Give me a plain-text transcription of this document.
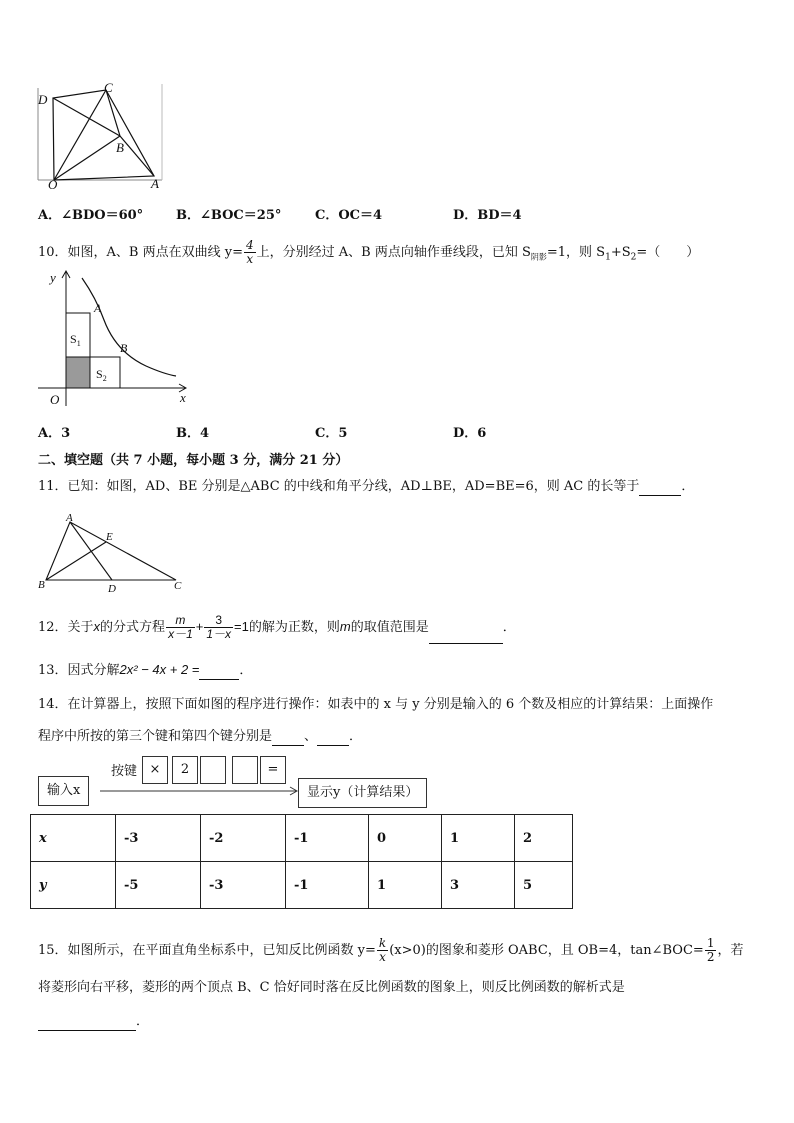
D
C
B
O	A
A．∠BDO＝60°	B．∠BOC＝25°	C．OC＝4	D．BD＝4
10．如图，A、B 两点在双曲线 $y= \frac{4}{x}$ 上，分别经过 A、B 两点向轴作垂线段，已知 $S_{阴影}=1$，则 $S_1+S_2=$（　　）
y
A
$S_1$	B
$S_2$
O	x
A．3	B．4	C．5	D．6
二、填空题（共 7 小题，每小题 3 分，满分 21 分）
11．已知：如图，AD、BE 分别是△ABC 的中线和角平分线，AD⊥BE，AD=BE=6，则 AC 的长等于	．
A
E
B	D	C
12．关于x的分式方程 $\frac{m}{x-1} + \frac{3}{1-x} =1$的解为正数，则m的取值范围是	．
13．因式分解2x² − 4x + 2 =	．
14．在计算器上，按照下面如图的程序进行操作：如表中的 x 与 y 分别是输入的 6 个数及相应的计算结果：上面操作
程序中所按的第三个键和第四个键分别是 、 ．
输入x
按键 ×	2	=
显示y（计算结果）
x	-3	-2	-1	0	1	2
y	-5	-3	-1	1	3	5
15．如图所示，在平面直角坐标系中，已知反比例函数 $y= \frac{k}{x} (x>0)$的图象和菱形 OABC，且 OB=4，tan∠BOC= $\frac{1}{2}$ ，若
将菱形向右平移，菱形的两个顶点 B、C 恰好同时落在反比例函数的图象上，则反比例函数的解析式是
．
